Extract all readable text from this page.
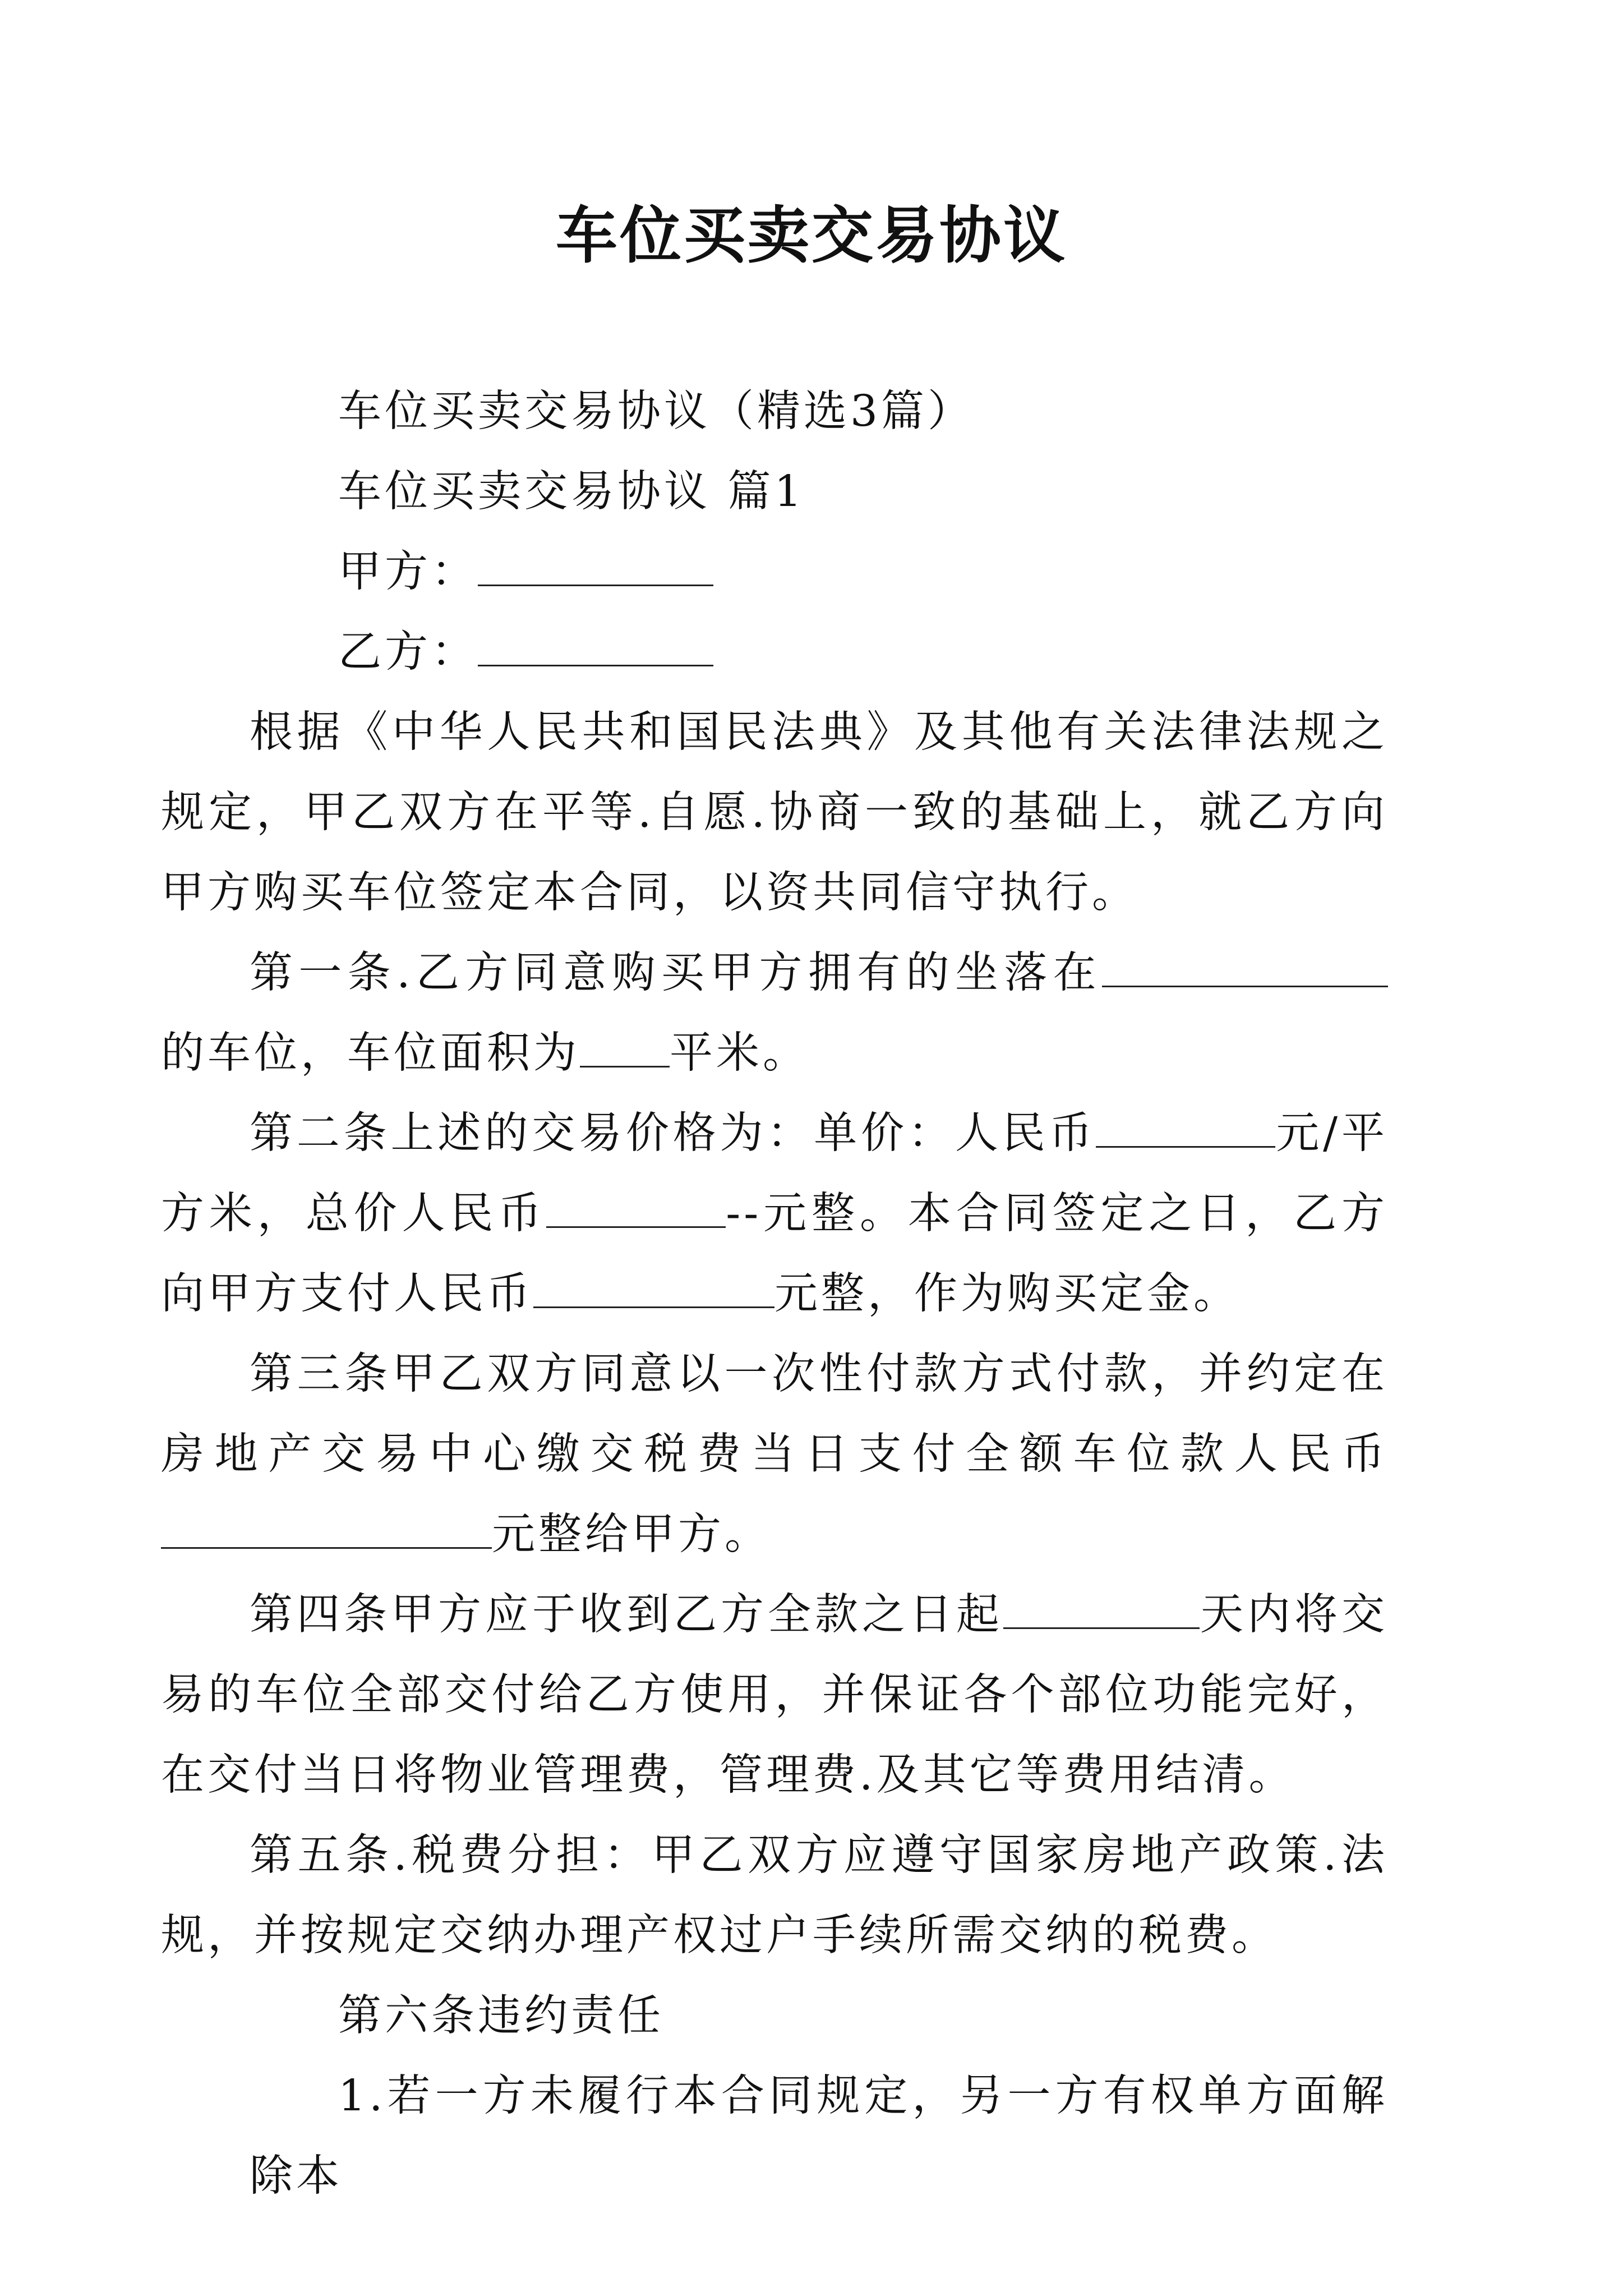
车位买卖交易协议

车位买卖交易协议（精选3篇）

车位买卖交易协议 篇1

甲方：

乙方：

根据《中华人民共和国民法典》及其他有关法律法规之规定，甲乙双方在平等.自愿.协商一致的基础上，就乙方向甲方购买车位签定本合同，以资共同信守执行。

第一条.乙方同意购买甲方拥有的坐落在的车位，车位面积为 平米。

第二条上述的交易价格为：单价：人民币	元/平方米，总价人民币	--元整。本合同签定之日，乙方向甲方支付人民币	元整，作为购买定金。

第三条甲乙双方同意以一次性付款方式付款，并约定在房地产交易中心缴交税费当日支付全额车位款人民币元整给甲方。

第四条甲方应于收到乙方全款之日起	天内将交易的车位全部交付给乙方使用，并保证各个部位功能完好，在交付当日将物业管理费，管理费.及其它等费用结清。

第五条.税费分担：甲乙双方应遵守国家房地产政策.法规，并按规定交纳办理产权过户手续所需交纳的税费。

第六条违约责任

1.若一方未履行本合同规定，另一方有权单方面解除本
